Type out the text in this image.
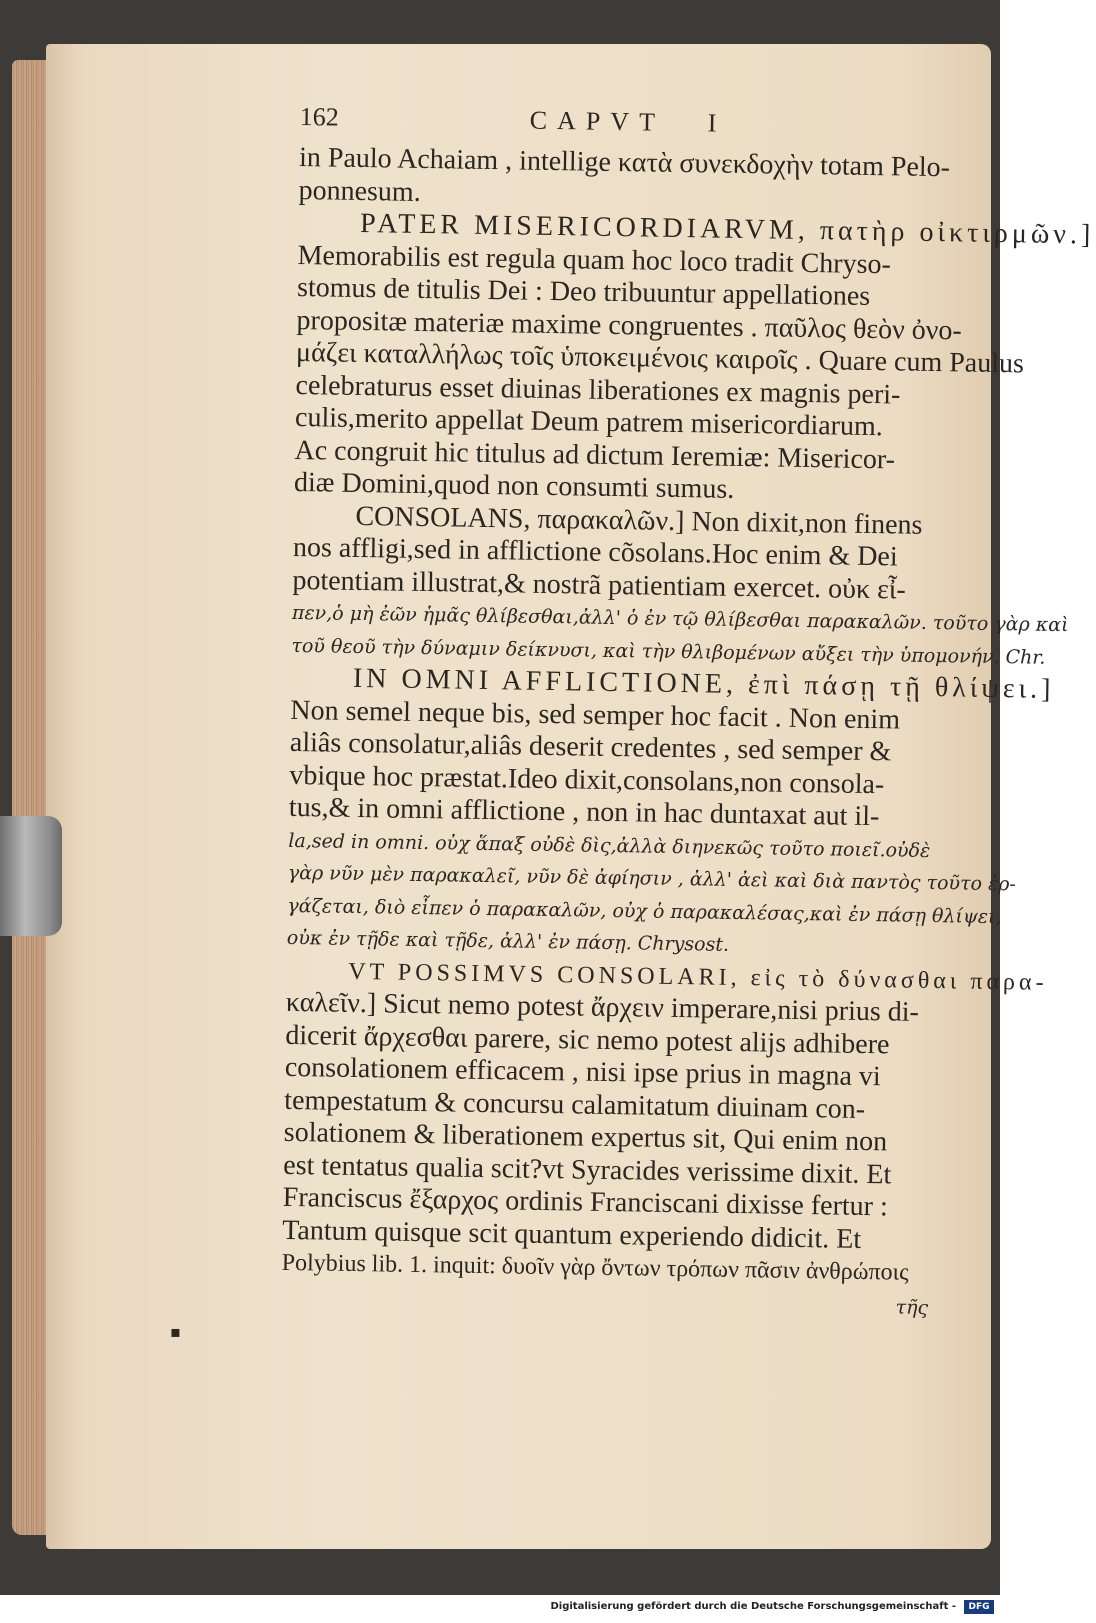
162	CAPVT I

in Paulo Achaiam , intellige κατὰ συνεκδοχὴν totam Pelo-

ponnesum.

PATER MISERICORDIARVM, πατὴρ οἰκτιρμῶν.]

Memorabilis est regula quam hoc loco tradit Chryso-

stomus de titulis Dei : Deo tribuuntur appellationes

propositæ materiæ maxime congruentes . παῦλος θεὸν ὀνο-

μάζει καταλλήλως τοῖς ὑποκειμένοις καιροῖς . Quare cum Paulus

celebraturus esset diuinas liberationes ex magnis peri-

culis,merito appellat Deum patrem misericordiarum.

Ac congruit hic titulus ad dictum Ieremiæ: Misericor-

diæ Domini,quod non consumti sumus.

CONSOLANS, παρακαλῶν.] Non dixit,non finens

nos affligi,sed in afflictione cõsolans.Hoc enim & Dei

potentiam illustrat,& nostrã patientiam exercet. οὐκ εἶ-

πεν,ὁ μὴ ἐῶν ἡμᾶς θλίβεσθαι,ἀλλ' ὁ ἐν τῷ θλίβεσθαι παρακαλῶν. τοῦτο γὰρ καὶ

τοῦ θεοῦ τὴν δύναμιν δείκνυσι, καὶ τὴν θλιβομένων αὔξει τὴν ὑπομονήν. Chr.

IN OMNI AFFLICTIONE, ἐπὶ πάσῃ τῇ θλίψει.]

Non semel neque bis, sed semper hoc facit . Non enim

aliâs consolatur,aliâs deserit credentes , sed semper &

vbique hoc præstat.Ideo dixit,consolans,non consola-

tus,& in omni afflictione , non in hac duntaxat aut il-

la,sed in omni. οὐχ ἅπαξ οὐδὲ δὶς,ἀλλὰ διηνεκῶς τοῦτο ποιεῖ.οὐδὲ

γὰρ νῦν μὲν παρακαλεῖ, νῦν δὲ ἀφίησιν , ἀλλ' ἀεὶ καὶ διὰ παντὸς τοῦτο ἐρ-

γάζεται, διὸ εἶπεν ὁ παρακαλῶν, οὐχ ὁ παρακαλέσας,καὶ ἐν πάσῃ θλίψει,

οὐκ ἐν τῇδε καὶ τῇδε, ἀλλ' ἐν πάσῃ. Chrysost.

VT POSSIMVS CONSOLARI, εἰς τὸ δύνασθαι παρα-

καλεῖν.] Sicut nemo potest ἄρχειν imperare,nisi prius di-

dicerit ἄρχεσθαι parere, sic nemo potest alijs adhibere

consolationem efficacem , nisi ipse prius in magna vi

tempestatum & concursu calamitatum diuinam con-

solationem & liberationem expertus sit, Qui enim non

est tentatus qualia scit?vt Syracides verissime dixit. Et

Franciscus ἔξαρχος ordinis Franciscani dixisse fertur :

Tantum quisque scit quantum experiendo didicit. Et

Polybius lib. 1. inquit: δυοῖν γὰρ ὄντων τρόπων πᾶσιν ἀνθρώποις

τῆς

▪
Digitalisierung gefördert durch die Deutsche Forschungsgemeinschaft -	DFG
